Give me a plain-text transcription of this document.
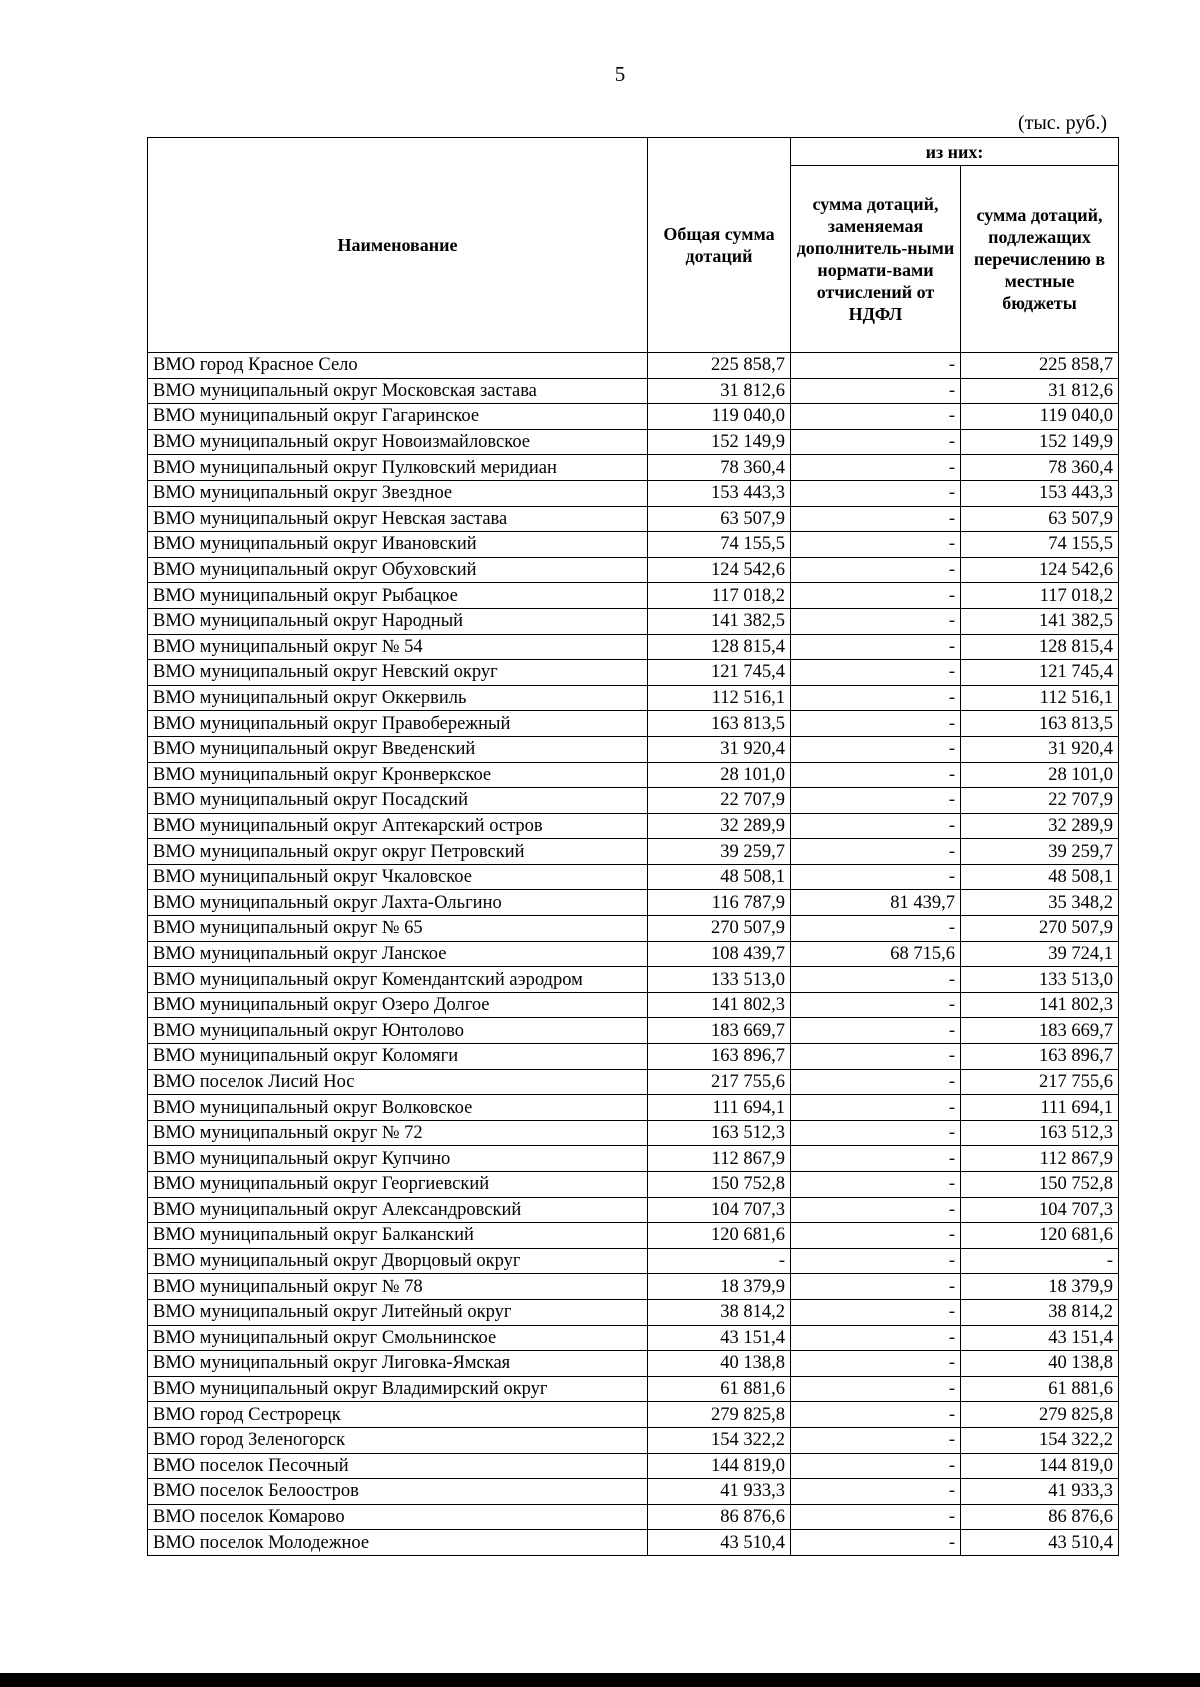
5
(тыс. руб.)
Наименование	Общая сумма дотаций	из них:	
		сумма дотаций, заменяемая дополнитель-ными нормати-вами отчислений от НДФЛ	сумма дотаций, подлежащих перечислению в местные бюджеты
ВМО город Красное Село	225 858,7	-	225 858,7
ВМО муниципальный округ Московская застава	31 812,6	-	31 812,6
ВМО муниципальный округ Гагаринское	119 040,0	-	119 040,0
ВМО муниципальный округ Новоизмайловское	152 149,9	-	152 149,9
ВМО муниципальный округ Пулковский меридиан	78 360,4	-	78 360,4
ВМО муниципальный округ Звездное	153 443,3	-	153 443,3
ВМО муниципальный округ Невская застава	63 507,9	-	63 507,9
ВМО муниципальный округ Ивановский	74 155,5	-	74 155,5
ВМО муниципальный округ Обуховский	124 542,6	-	124 542,6
ВМО муниципальный округ Рыбацкое	117 018,2	-	117 018,2
ВМО муниципальный округ Народный	141 382,5	-	141 382,5
ВМО муниципальный округ № 54	128 815,4	-	128 815,4
ВМО муниципальный округ Невский округ	121 745,4	-	121 745,4
ВМО муниципальный округ Оккервиль	112 516,1	-	112 516,1
ВМО муниципальный округ Правобережный	163 813,5	-	163 813,5
ВМО муниципальный округ Введенский	31 920,4	-	31 920,4
ВМО муниципальный округ Кронверкское	28 101,0	-	28 101,0
ВМО муниципальный округ Посадский	22 707,9	-	22 707,9
ВМО муниципальный округ Аптекарский остров	32 289,9	-	32 289,9
ВМО муниципальный округ округ Петровский	39 259,7	-	39 259,7
ВМО муниципальный округ Чкаловское	48 508,1	-	48 508,1
ВМО муниципальный округ Лахта-Ольгино	116 787,9	81 439,7	35 348,2
ВМО муниципальный округ № 65	270 507,9	-	270 507,9
ВМО муниципальный округ Ланское	108 439,7	68 715,6	39 724,1
ВМО муниципальный округ Комендантский аэродром	133 513,0	-	133 513,0
ВМО муниципальный округ Озеро Долгое	141 802,3	-	141 802,3
ВМО муниципальный округ Юнтолово	183 669,7	-	183 669,7
ВМО муниципальный округ Коломяги	163 896,7	-	163 896,7
ВМО поселок Лисий Нос	217 755,6	-	217 755,6
ВМО муниципальный округ Волковское	111 694,1	-	111 694,1
ВМО муниципальный округ № 72	163 512,3	-	163 512,3
ВМО муниципальный округ Купчино	112 867,9	-	112 867,9
ВМО муниципальный округ Георгиевский	150 752,8	-	150 752,8
ВМО муниципальный округ Александровский	104 707,3	-	104 707,3
ВМО муниципальный округ Балканский	120 681,6	-	120 681,6
ВМО муниципальный округ Дворцовый округ	-	-	-
ВМО муниципальный округ № 78	18 379,9	-	18 379,9
ВМО муниципальный округ Литейный округ	38 814,2	-	38 814,2
ВМО муниципальный округ Смольнинское	43 151,4	-	43 151,4
ВМО муниципальный округ Лиговка-Ямская	40 138,8	-	40 138,8
ВМО муниципальный округ Владимирский округ	61 881,6	-	61 881,6
ВМО город Сестрорецк	279 825,8	-	279 825,8
ВМО город Зеленогорск	154 322,2	-	154 322,2
ВМО поселок Песочный	144 819,0	-	144 819,0
ВМО поселок Белоостров	41 933,3	-	41 933,3
ВМО поселок Комарово	86 876,6	-	86 876,6
ВМО поселок Молодежное	43 510,4	-	43 510,4
